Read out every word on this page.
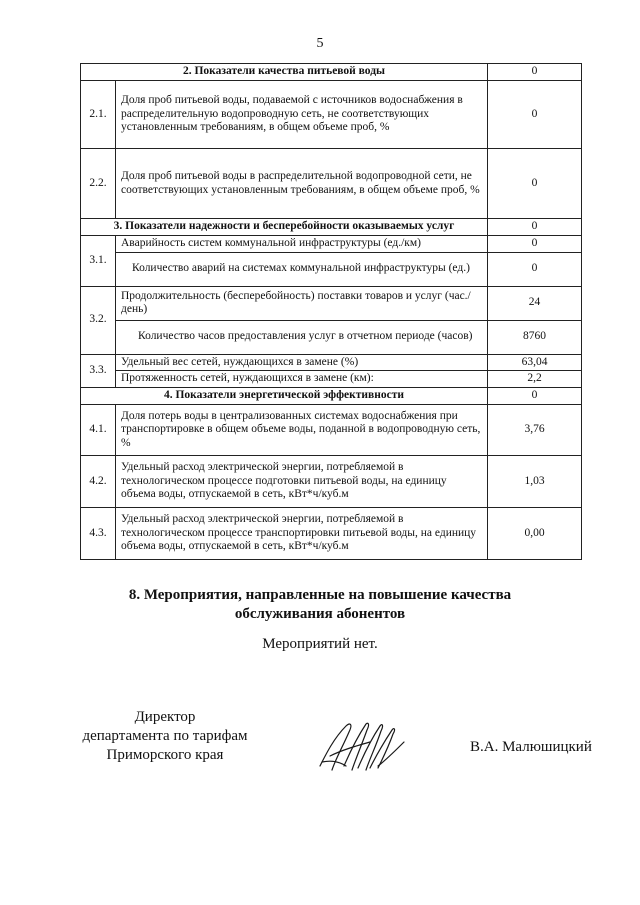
5
2. Показатели качества питьевой воды		0
2.1.	Доля проб питьевой воды, подаваемой с источников водоснабжения в распределительную водопроводную сеть, не соответствующих установленным требованиям, в общем объеме проб, %	0
2.2.	Доля проб питьевой воды в распределительной водопроводной сети, не соответствующих установленным требованиям, в общем объеме проб, %	0
3. Показатели надежности и бесперебойности оказываемых услуг		0
3.1.	Аварийность систем коммунальной инфраструктуры (ед./км)	0
	Количество аварий на системах коммунальной инфраструктуры (ед.)	0
3.2.	Продолжительность (бесперебойность) поставки товаров и услуг (час./день)	24
	Количество часов предоставления услуг в отчетном периоде (часов)	8760
3.3.	Удельный вес сетей, нуждающихся в замене (%)	63,04
	Протяженность сетей, нуждающихся в замене (км):	2,2
4. Показатели энергетической эффективности		0
4.1.	Доля потерь воды в централизованных системах водоснабжения при транспортировке в общем объеме воды, поданной в водопроводную сеть, %	3,76
4.2.	Удельный расход электрической энергии, потребляемой в технологическом процессе подготовки питьевой воды, на единицу объема воды, отпускаемой в сеть, кВт*ч/куб.м	1,03
4.3.	Удельный расход электрической энергии, потребляемой в технологическом процессе транспортировки питьевой воды, на единицу объема воды, отпускаемой в сеть, кВт*ч/куб.м	0,00
8. Мероприятия, направленные на повышение качества
обслуживания абонентов
Мероприятий нет.
Директор
департамента по тарифам
Приморского края	В.А. Малюшицкий
